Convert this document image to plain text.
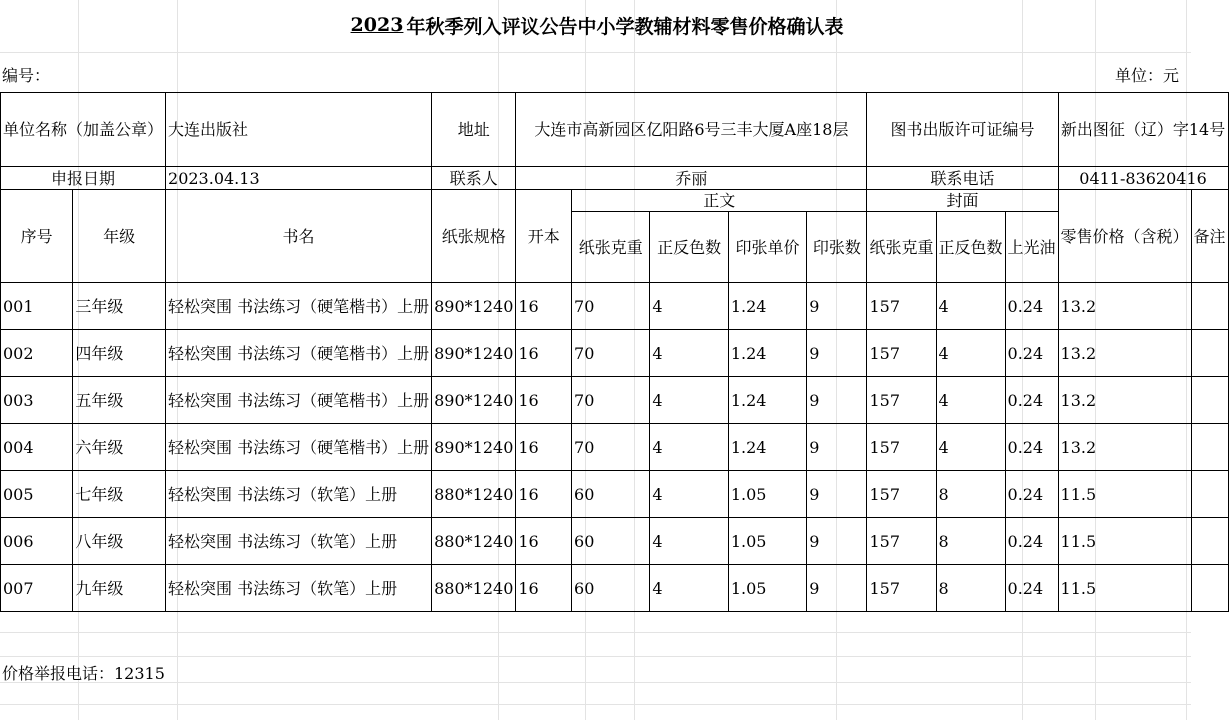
2023 年秋季列入评议公告中小学教辅材料零售价格确认表
编号：	单位：元
单位名称（加盖公章）		大连出版社	地址	大连市高新园区亿阳路6号三丰大厦A座18层					图书出版许可证编号			新出图征（辽）字14号	
申报日期		2023.04.13	联系人	乔丽					联系电话			0411-83620416	
序号	年级	书名	纸张规格	开本	正文				封面			零售价格（含税）	备注
					纸张克重	正反色数	印张单价	印张数	纸张克重	正反色数	上光油		
001	三年级	轻松突围 书法练习（硬笔楷书）上册	890*1240	16	70	4	1.24	9	157	4	0.24	13.2	
002	四年级	轻松突围 书法练习（硬笔楷书）上册	890*1240	16	70	4	1.24	9	157	4	0.24	13.2	
003	五年级	轻松突围 书法练习（硬笔楷书）上册	890*1240	16	70	4	1.24	9	157	4	0.24	13.2	
004	六年级	轻松突围 书法练习（硬笔楷书）上册	890*1240	16	70	4	1.24	9	157	4	0.24	13.2	
005	七年级	轻松突围 书法练习（软笔）上册	880*1240	16	60	4	1.05	9	157	8	0.24	11.5	
006	八年级	轻松突围 书法练习（软笔）上册	880*1240	16	60	4	1.05	9	157	8	0.24	11.5	
007	九年级	轻松突围 书法练习（软笔）上册	880*1240	16	60	4	1.05	9	157	8	0.24	11.5	
价格举报电话：12315
